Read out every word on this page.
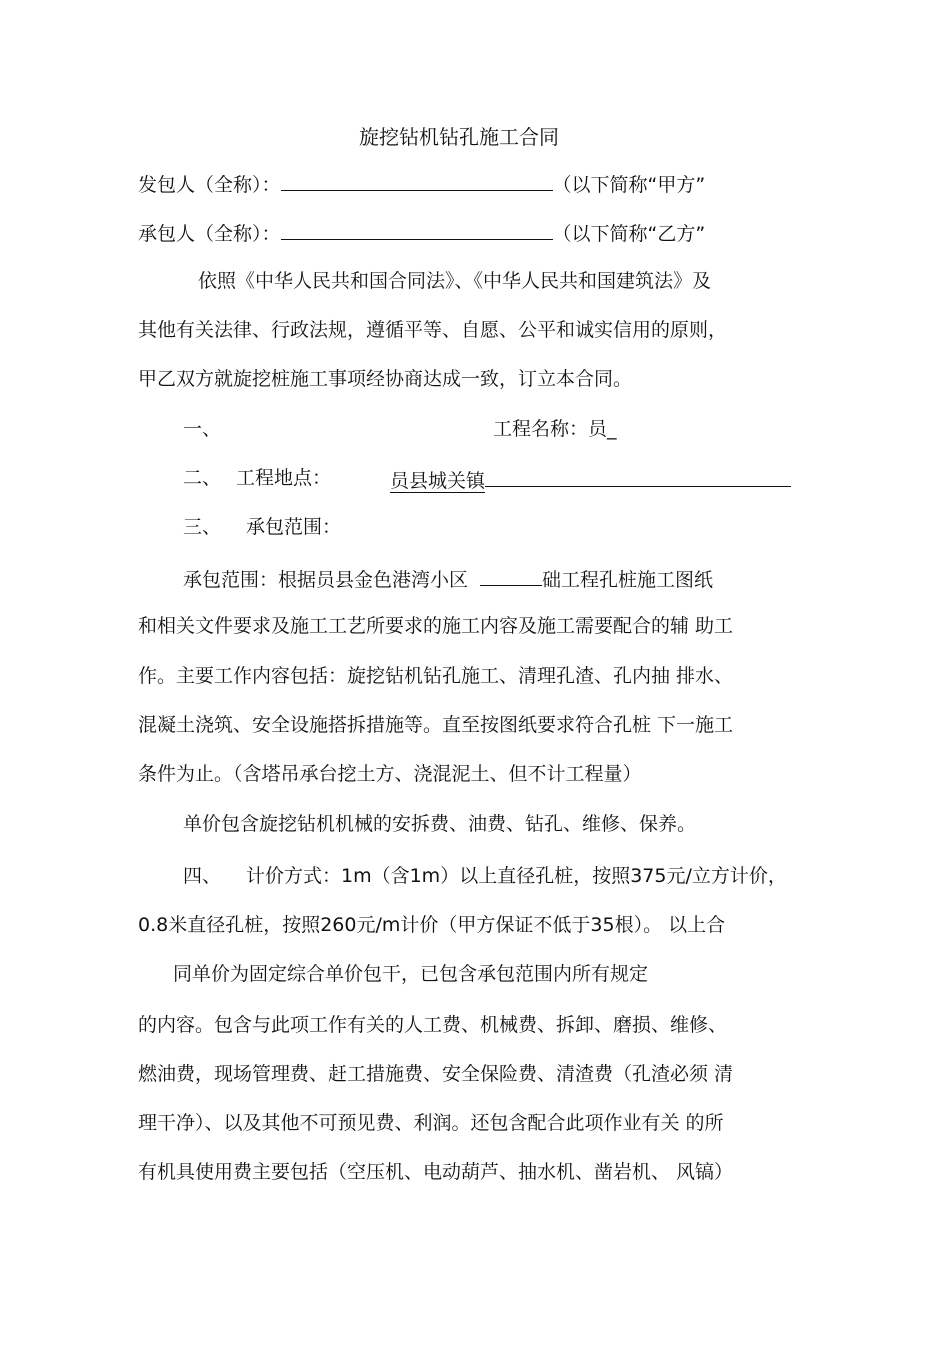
旋挖钻机钻孔施工合同
发包人（全称）：	（以下简称“甲方”
承包人（全称）：	（以下简称“乙方”
依照《中华人民共和国合同法》、《中华人民共和国建筑法》及
其他有关法律、行政法规，遵循平等、自愿、公平和诚实信用的原则，
甲乙双方就旋挖桩施工事项经协商达成一致，订立本合同。
一、	工程名称：员_
二、 工程地点：	员县城关镇
三、 承包范围：
承包范围：根据员县金色港湾小区	础工程孔桩施工图纸
和相关文件要求及施工工艺所要求的施工内容及施工需要配合的辅 助工
作。主要工作内容包括：旋挖钻机钻孔施工、清理孔渣、孔内抽 排水、
混凝土浇筑、安全设施搭拆措施等。直至按图纸要求符合孔桩 下一施工
条件为止。（含塔吊承台挖土方、浇混泥土、但不计工程量）
单价包含旋挖钻机机械的安拆费、油费、钻孔、维修、保养。
四、 计价方式：1m（含1m）以上直径孔桩，按照375元/立方计价，
0.8米直径孔桩，按照260元/m计价（甲方保证不低于35根）。 以上合
同单价为固定综合单价包干，已包含承包范围内所有规定
的内容。包含与此项工作有关的人工费、机械费、拆卸、磨损、维修、
燃油费，现场管理费、赶工措施费、安全保险费、清渣费（孔渣必须 清
理干净）、以及其他不可预见费、利润。还包含配合此项作业有关 的所
有机具使用费主要包括（空压机、电动葫芦、抽水机、凿岩机、 风镐）
